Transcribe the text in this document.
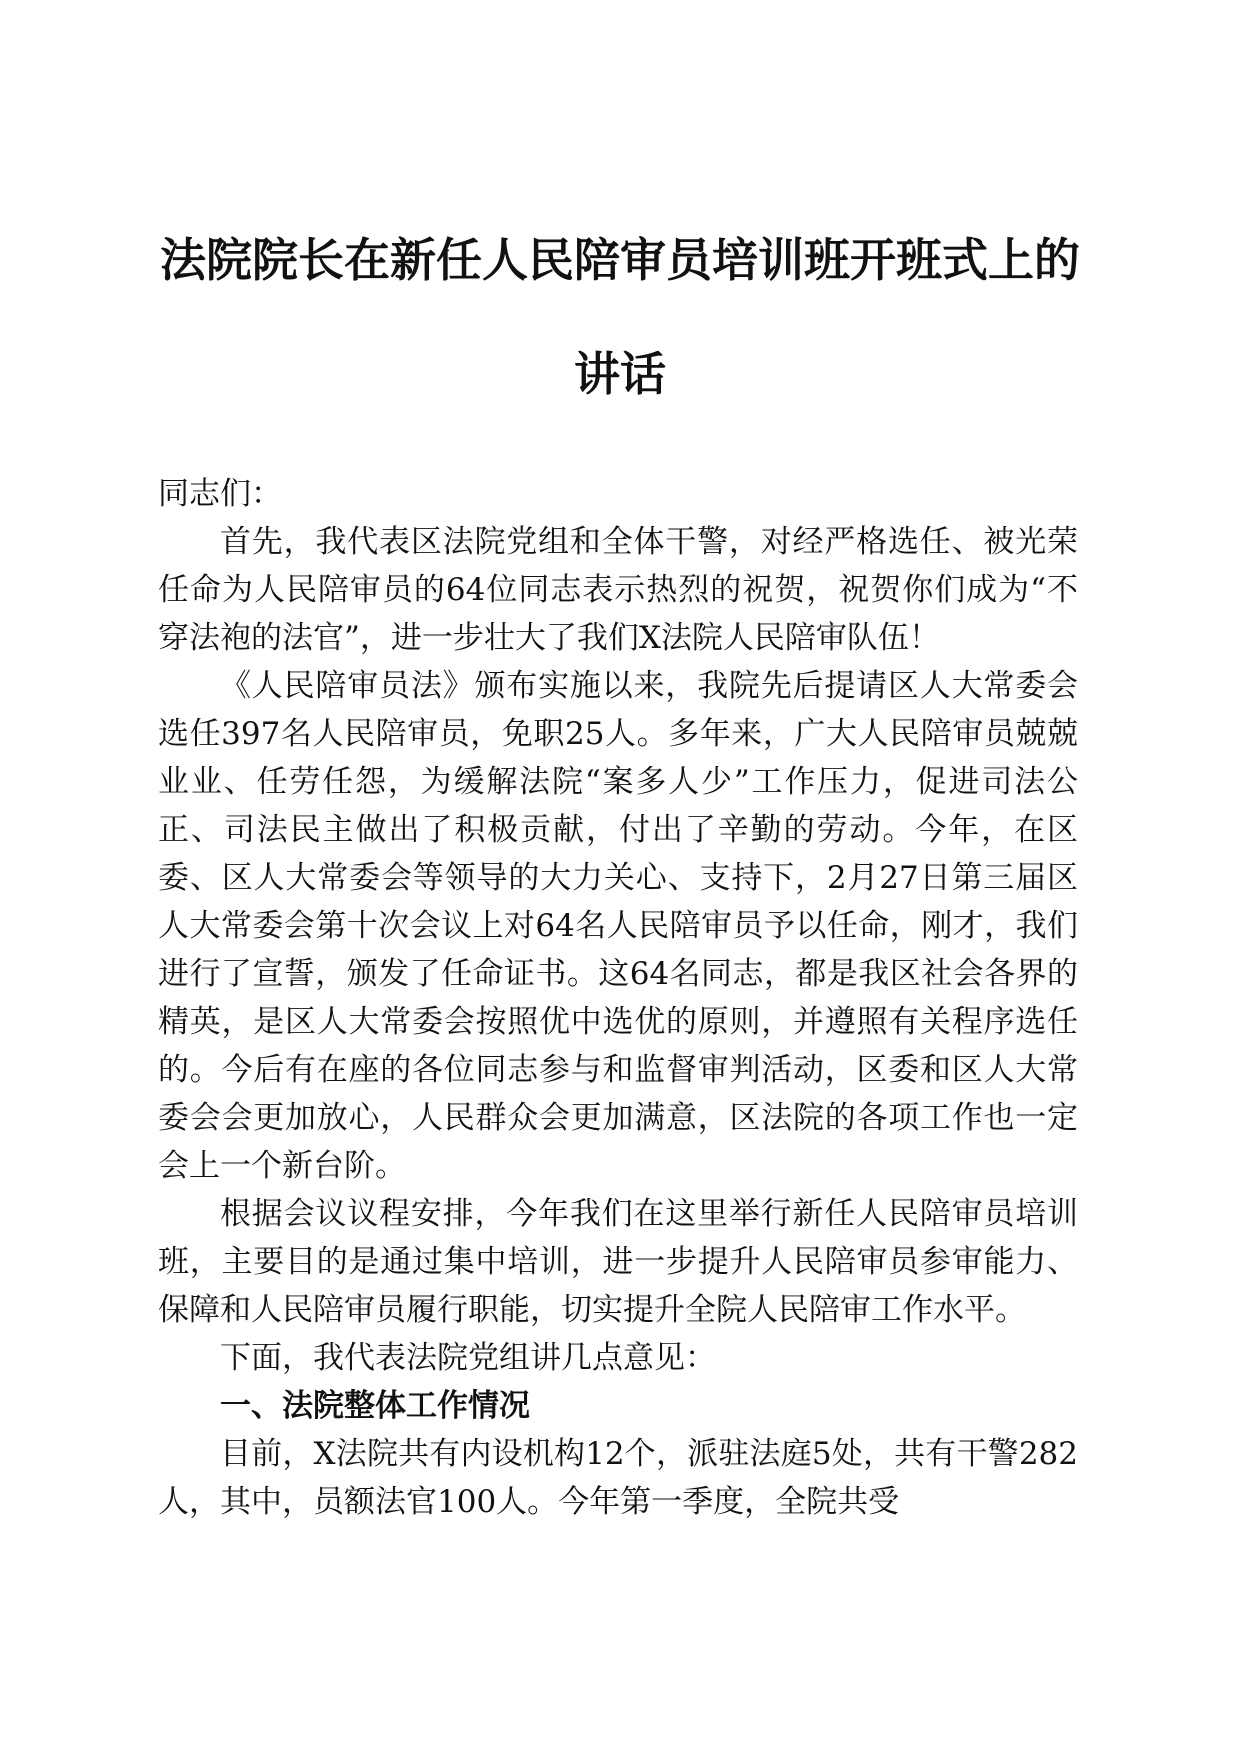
法院院长在新任人民陪审员培训班开班式上的
讲话

同志们：

首先，我代表区法院党组和全体干警，对经严格选任、被光荣任命为人民陪审员的64位同志表示热烈的祝贺，祝贺你们成为“不穿法袍的法官”，进一步壮大了我们X法院人民陪审队伍！

《人民陪审员法》颁布实施以来，我院先后提请区人大常委会选任397名人民陪审员，免职25人。多年来，广大人民陪审员兢兢业业、任劳任怨，为缓解法院“案多人少”工作压力，促进司法公正、司法民主做出了积极贡献，付出了辛勤的劳动。今年，在区委、区人大常委会等领导的大力关心、支持下，2月27日第三届区人大常委会第十次会议上对64名人民陪审员予以任命，刚才，我们进行了宣誓，颁发了任命证书。这64名同志，都是我区社会各界的精英，是区人大常委会按照优中选优的原则，并遵照有关程序选任的。今后有在座的各位同志参与和监督审判活动，区委和区人大常委会会更加放心，人民群众会更加满意，区法院的各项工作也一定会上一个新台阶。

根据会议议程安排，今年我们在这里举行新任人民陪审员培训班，主要目的是通过集中培训，进一步提升人民陪审员参审能力、保障和人民陪审员履行职能，切实提升全院人民陪审工作水平。

下面，我代表法院党组讲几点意见：

一、法院整体工作情况

目前，X法院共有内设机构12个，派驻法庭5处，共有干警282人，其中，员额法官100人。今年第一季度，全院共受
